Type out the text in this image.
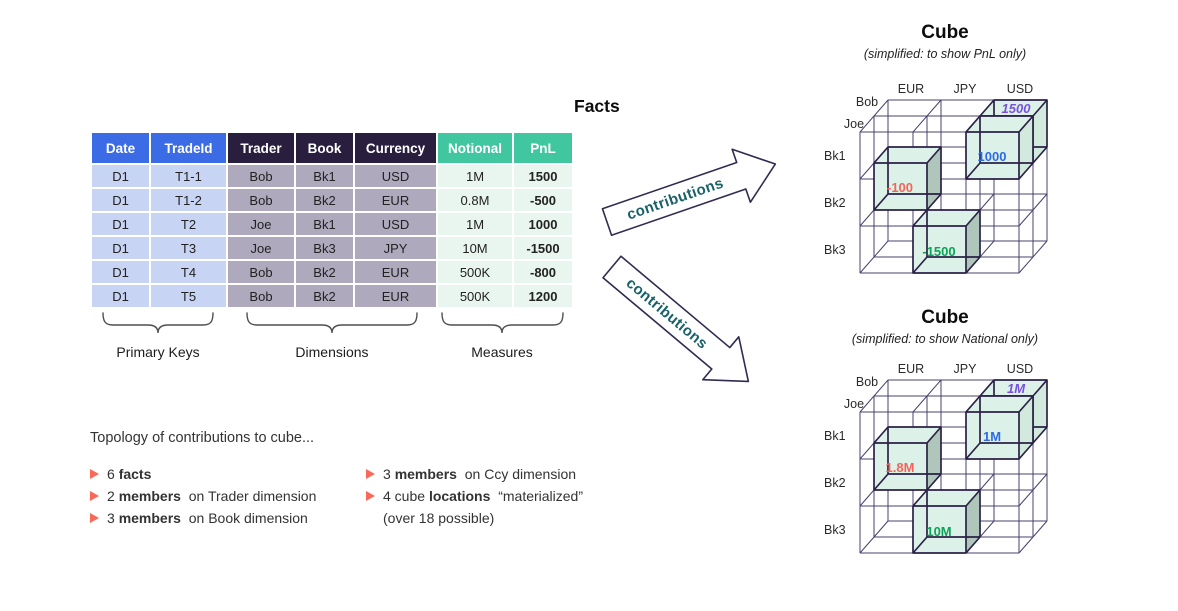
Facts
Date	TradeId	Trader	Book	Currency	Notional	PnL
D1	T1-1	Bob	Bk1	USD	1M	1500
D1	T1-2	Bob	Bk2	EUR	0.8M	-500
D1	T2	Joe	Bk1	USD	1M	1000
D1	T3	Joe	Bk3	JPY	10M	-1500
D1	T4	Bob	Bk2	EUR	500K	-800
D1	T5	Bob	Bk2	EUR	500K	1200
Primary Keys	Dimensions	Measures
contributions
contributions

Topology of contributions to cube...

6 facts
2 members on Trader dimension
3 members on Book dimension
3 members on Ccy dimension
4 cube locations “materialized”
(over 18 possible)
Cube
(simplified: to show PnL only)
EUR JPY USD
Bob
Joe
Bk1
Bk2
Bk3
1500
1000
-100
-1500
Cube
(simplified: to show National only)
EUR JPY USD
Bob
Joe
Bk1
Bk2
Bk3
1M
1M
1.8M
10M
